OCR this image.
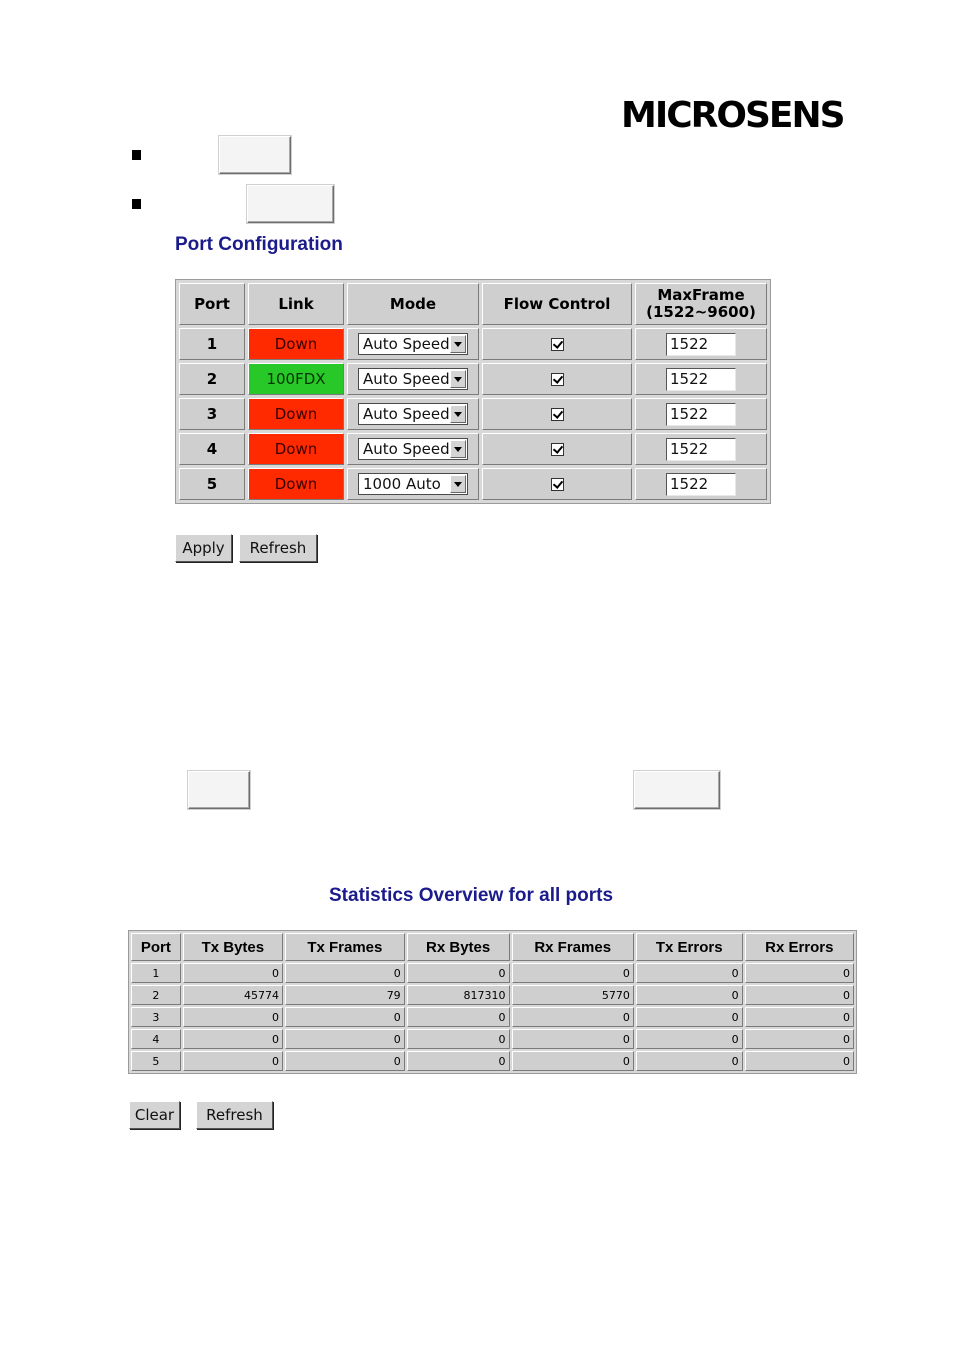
MICROSENS
Port Configuration
Port	Link	Mode	Flow Control	MaxFrame
(1522~9600)
1	Down	Auto Speed		1522
2	100FDX	Auto Speed		1522
3	Down	Auto Speed		1522
4	Down	Auto Speed		1522
5	Down	1000 Auto		1522
Apply	Refresh
Statistics Overview for all ports
Port	Tx Bytes	Tx Frames	Rx Bytes	Rx Frames	Tx Errors	Rx Errors
1	0	0	0	0	0	0
2	45774	79	817310	5770	0	0
3	0	0	0	0	0	0
4	0	0	0	0	0	0
5	0	0	0	0	0	0
Clear	Refresh
